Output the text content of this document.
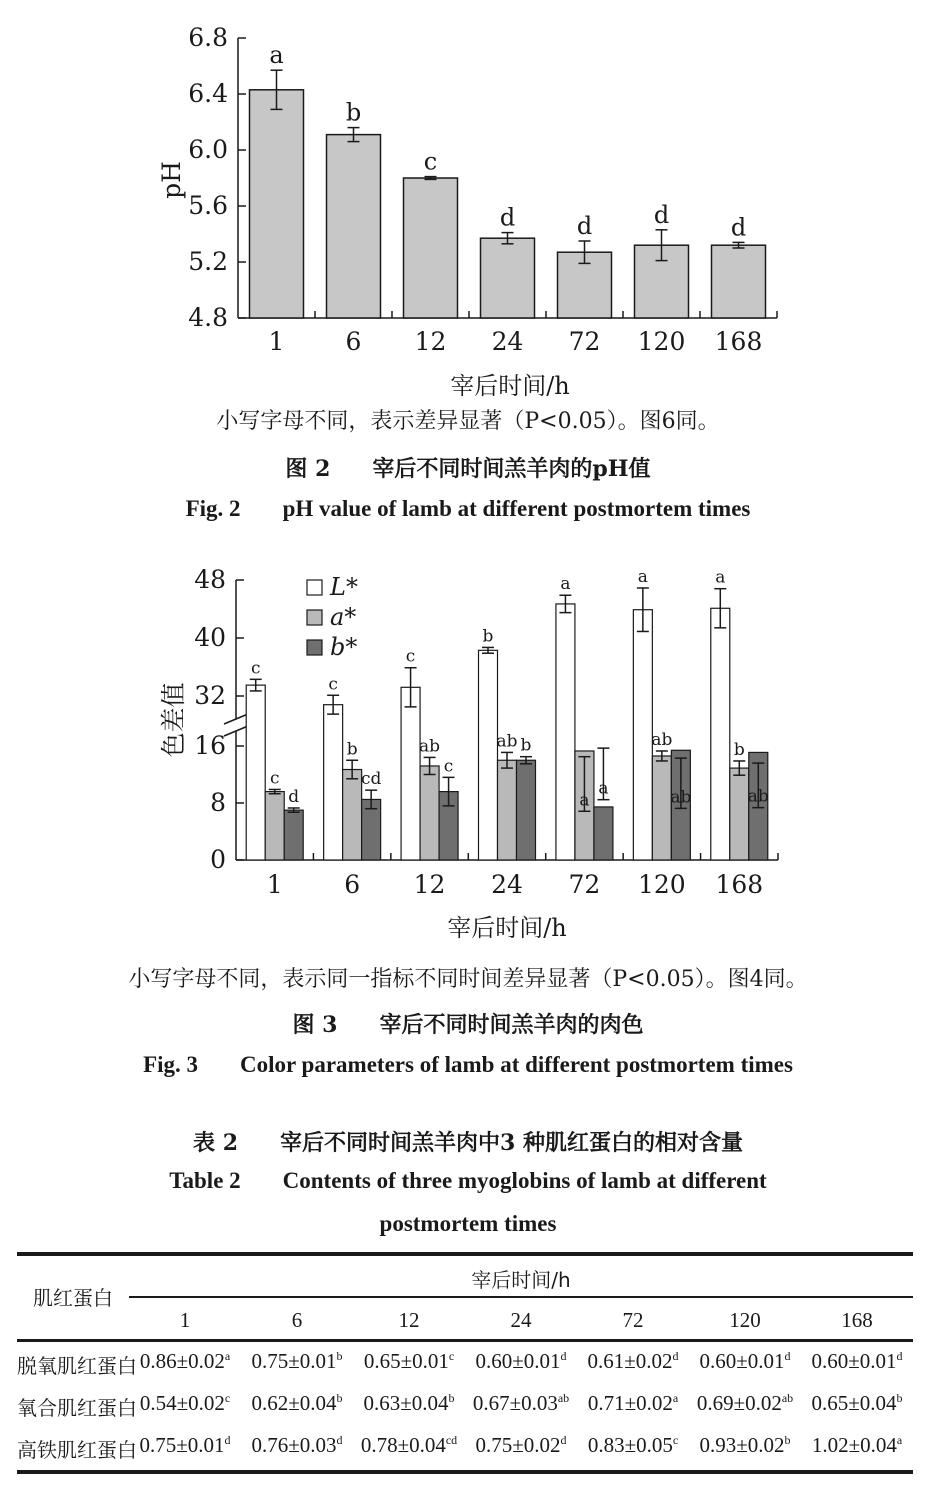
4.8
5.2
5.6
6.0
6.4
6.8
a
1
b
6
c
12
d
24
d
72
d
120
d
168
pH
宰后时间/h
小写字母不同，表示差异显著（P<0.05）。图6同。
图 2 宰后不同时间羔羊肉的pH值
Fig. 2 pH value of lamb at different postmortem times
0
8
16
32
40
48
c
c
d
1
c
b
cd
6
c
ab
c
12
b
ab b
24
a
a
a
72
a
ab
ab
120
a
b
ab
168
L*
a*
b*
色差值
宰后时间/h
小写字母不同，表示同一指标不同时间差异显著（P<0.05）。图4同。
图 3 宰后不同时间羔羊肉的肉色
Fig. 3 Color parameters of lamb at different postmortem times
表 2 宰后不同时间羔羊肉中3 种肌红蛋白的相对含量
Table 2 Contents of three myoglobins of lamb at different
postmortem times
肌红蛋白
宰后时间/h
1	6	12	24	72	120	168
脱氧肌红蛋白 0.86±0.02$^a$	0.75±0.01$^b$	0.65±0.01$^c$	0.60±0.01$^d$ 0.61±0.02$^d$ 0.60±0.01$^d$ 0.60±0.01$^d$
氧合肌红蛋白 0.54±0.02$^c$	0.62±0.04$^b$ 0.63±0.04$^b$ 0.67±0.03$^{ab}$ 0.71±0.02$^a$ 0.69±0.02$^{ab}$ 0.65±0.04$^b$
高铁肌红蛋白 0.75±0.01$^d$ 0.76±0.03$^d$ 0.78±0.04$^{cd}$ 0.75±0.02$^d$	0.83±0.05$^c$	0.93±0.02$^b$	1.02±0.04$^a$
